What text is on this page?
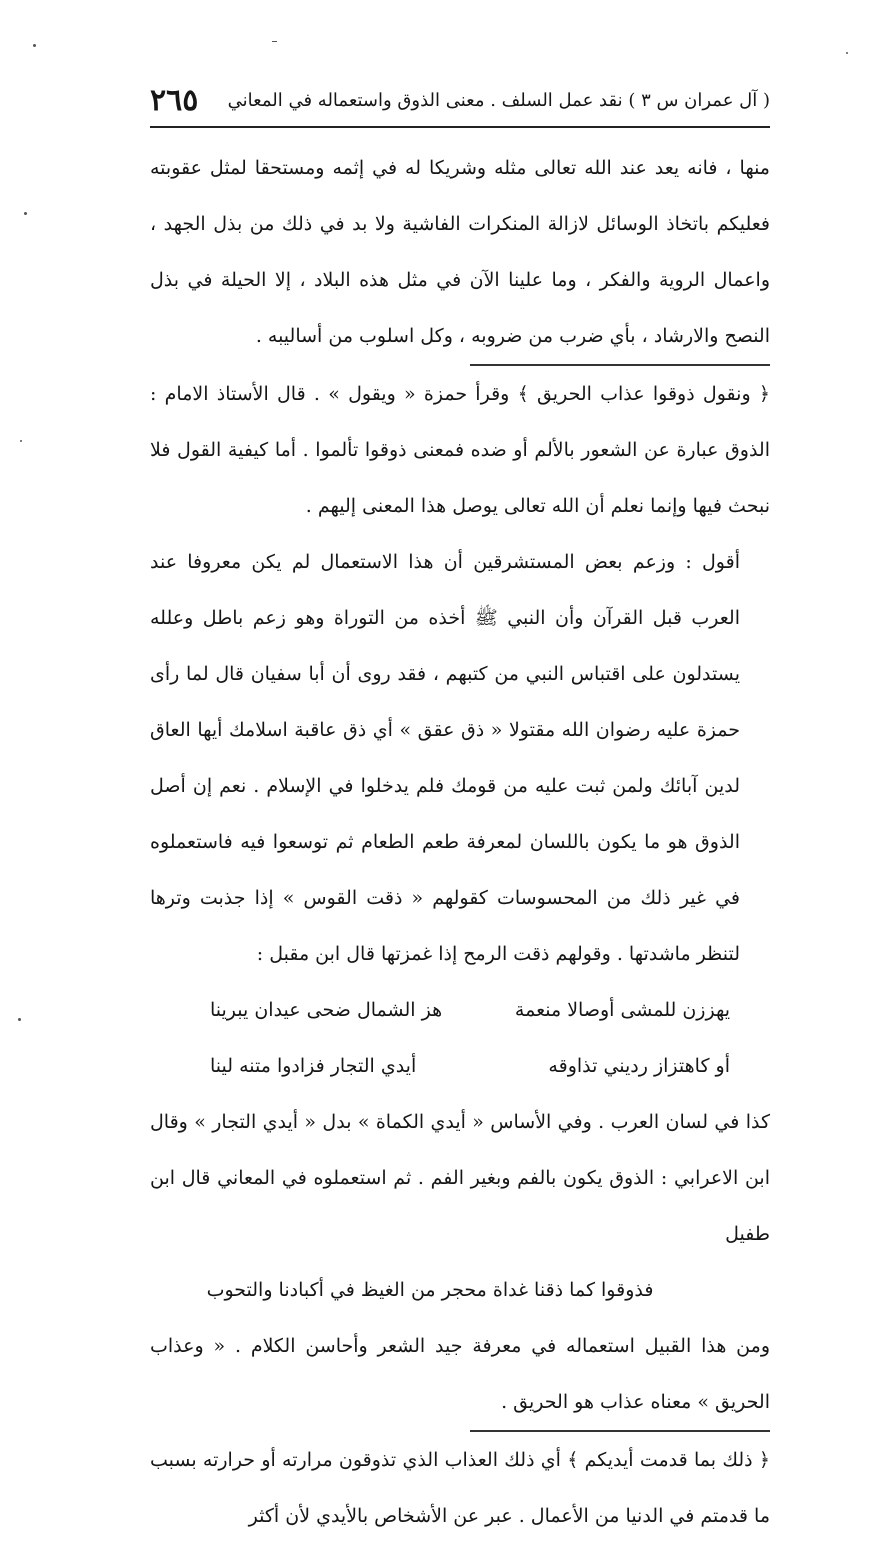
( آل عمران س ٣ ) نقد عمل السلف . معنى الذوق واستعماله في المعاني
٢٦٥

منها ، فانه يعد عند الله تعالى مثله وشريكا له في إثمه ومستحقا لمثل عقوبته فعليكم باتخاذ الوسائل لازالة المنكرات الفاشية ولا بد في ذلك من بذل الجهد ، واعمال الروية والفكر ، وما علينا الآن في مثل هذه البلاد ، إلا الحيلة في بذل النصح والارشاد ، بأي ضرب من ضروبه ، وكل اسلوب من أساليبه .

﴿ ونقول ذوقوا عذاب الحريق ﴾ وقرأ حمزة « ويقول » . قال الأستاذ الامام : الذوق عبارة عن الشعور بالألم أو ضده فمعنى ذوقوا تألموا . أما كيفية القول فلا نبحث فيها وإنما نعلم أن الله تعالى يوصل هذا المعنى إليهم .

أقول : وزعم بعض المستشرقين أن هذا الاستعمال لم يكن معروفا عند العرب قبل القرآن وأن النبي ﷺ أخذه من التوراة وهو زعم باطل وعلله يستدلون على اقتباس النبي من كتبهم ، فقد روى أن أبا سفيان قال لما رأى حمزة عليه رضوان الله مقتولا « ذق عقق » أي ذق عاقبة اسلامك أيها العاق لدين آبائك ولمن ثبت عليه من قومك فلم يدخلوا في الإسلام . نعم إن أصل الذوق هو ما يكون باللسان لمعرفة طعم الطعام ثم توسعوا فيه فاستعملوه في غير ذلك من المحسوسات كقولهم « ذقت القوس » إذا جذبت وترها لتنظر ماشدتها . وقولهم ذقت الرمح إذا غمزتها قال ابن مقبل :

يهززن للمشى أوصالا منعمة
هز الشمال ضحى عيدان يبرينا
أو كاهتزاز رديني تذاوقه
أيدي التجار فزادوا متنه لينا

كذا في لسان العرب . وفي الأساس « أيدي الكماة » بدل « أيدي التجار » وقال ابن الاعرابي : الذوق يكون بالفم وبغير الفم . ثم استعملوه في المعاني قال ابن طفيل

فذوقوا كما ذقنا غداة محجر من الغيظ في أكبادنا والتحوب

ومن هذا القبيل استعماله في معرفة جيد الشعر وأحاسن الكلام . « وعذاب الحريق » معناه عذاب هو الحريق .

﴿ ذلك بما قدمت أيديكم ﴾ أي ذلك العذاب الذي تذوقون مرارته أو حرارته بسبب ما قدمتم في الدنيا من الأعمال . عبر عن الأشخاص بالأيدي لأن أكثر
